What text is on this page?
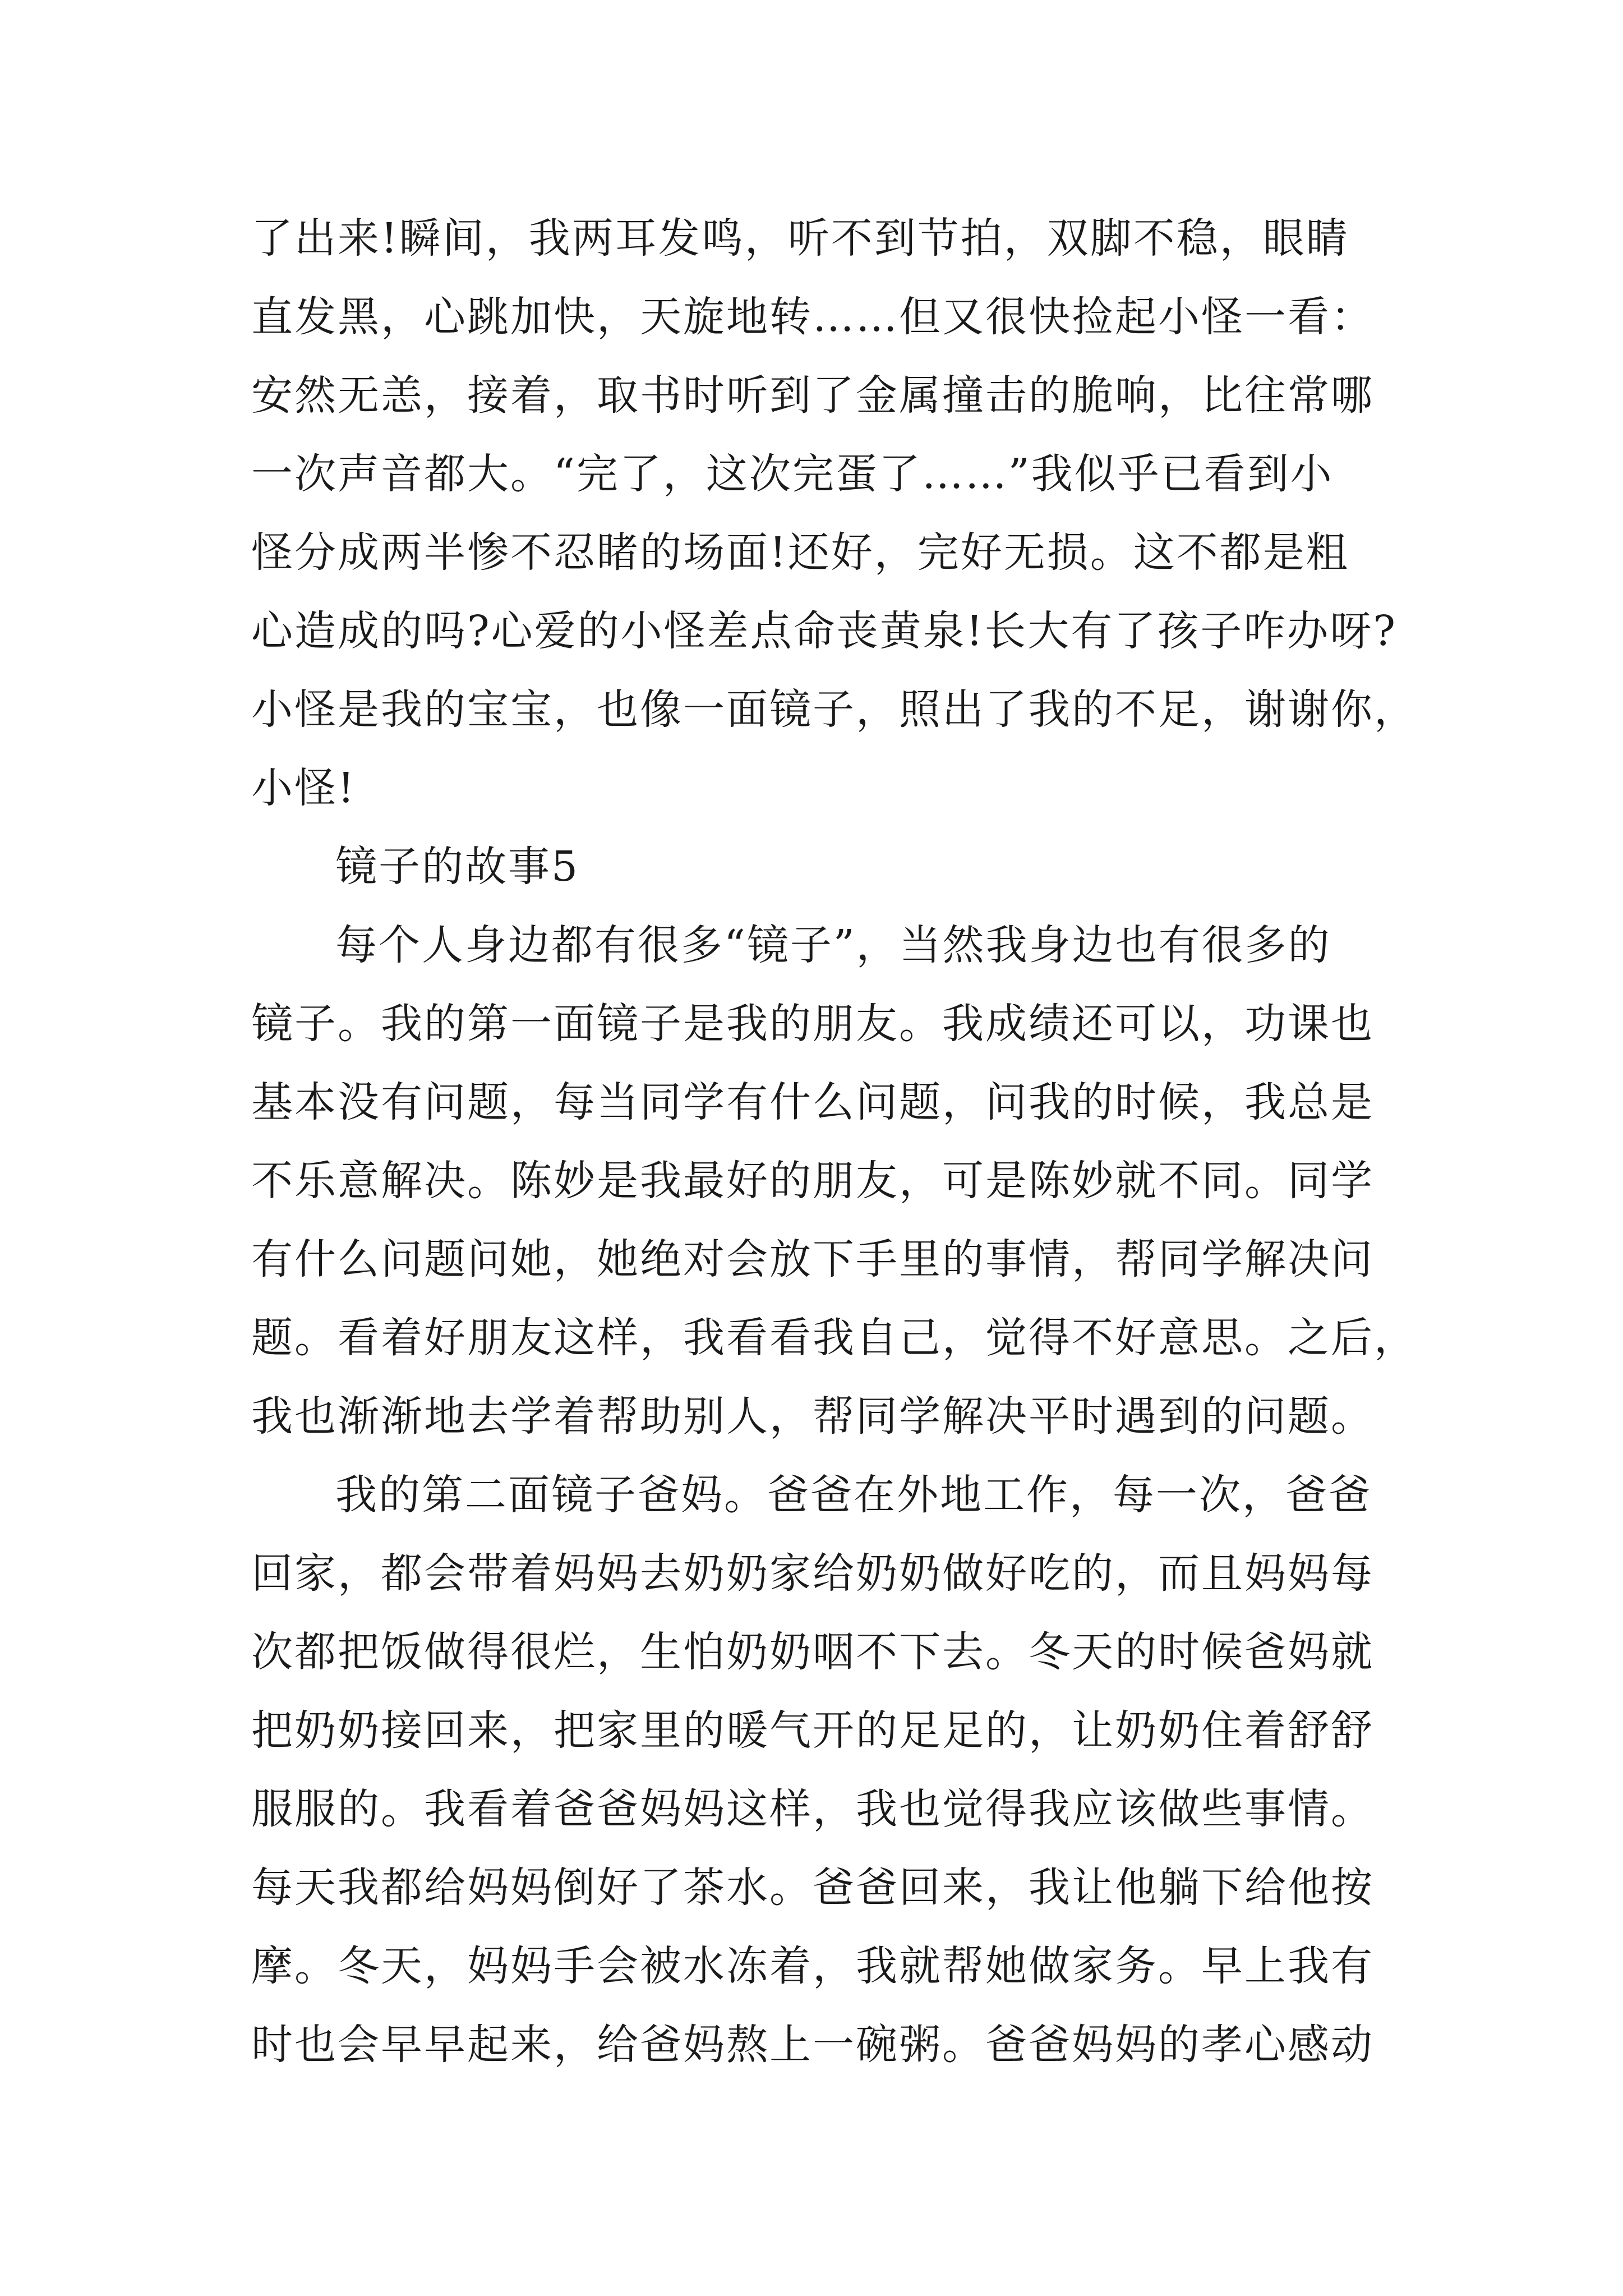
了出来!瞬间，我两耳发鸣，听不到节拍，双脚不稳，眼睛
直发黑，心跳加快，天旋地转……但又很快捡起小怪一看：
安然无恙，接着，取书时听到了金属撞击的脆响，比往常哪
一次声音都大。“完了，这次完蛋了……”我似乎已看到小
怪分成两半惨不忍睹的场面!还好，完好无损。这不都是粗
心造成的吗?心爱的小怪差点命丧黄泉!长大有了孩子咋办呀?
小怪是我的宝宝，也像一面镜子，照出了我的不足，谢谢你，
小怪!
镜子的故事5
每个人身边都有很多“镜子”，当然我身边也有很多的
镜子。我的第一面镜子是我的朋友。我成绩还可以，功课也
基本没有问题，每当同学有什么问题，问我的时候，我总是
不乐意解决。陈妙是我最好的朋友，可是陈妙就不同。同学
有什么问题问她，她绝对会放下手里的事情，帮同学解决问
题。看着好朋友这样，我看看我自己，觉得不好意思。之后，
我也渐渐地去学着帮助别人，帮同学解决平时遇到的问题。
我的第二面镜子爸妈。爸爸在外地工作，每一次，爸爸
回家，都会带着妈妈去奶奶家给奶奶做好吃的，而且妈妈每
次都把饭做得很烂，生怕奶奶咽不下去。冬天的时候爸妈就
把奶奶接回来，把家里的暖气开的足足的，让奶奶住着舒舒
服服的。我看着爸爸妈妈这样，我也觉得我应该做些事情。
每天我都给妈妈倒好了茶水。爸爸回来，我让他躺下给他按
摩。冬天，妈妈手会被水冻着，我就帮她做家务。早上我有
时也会早早起来，给爸妈熬上一碗粥。爸爸妈妈的孝心感动
